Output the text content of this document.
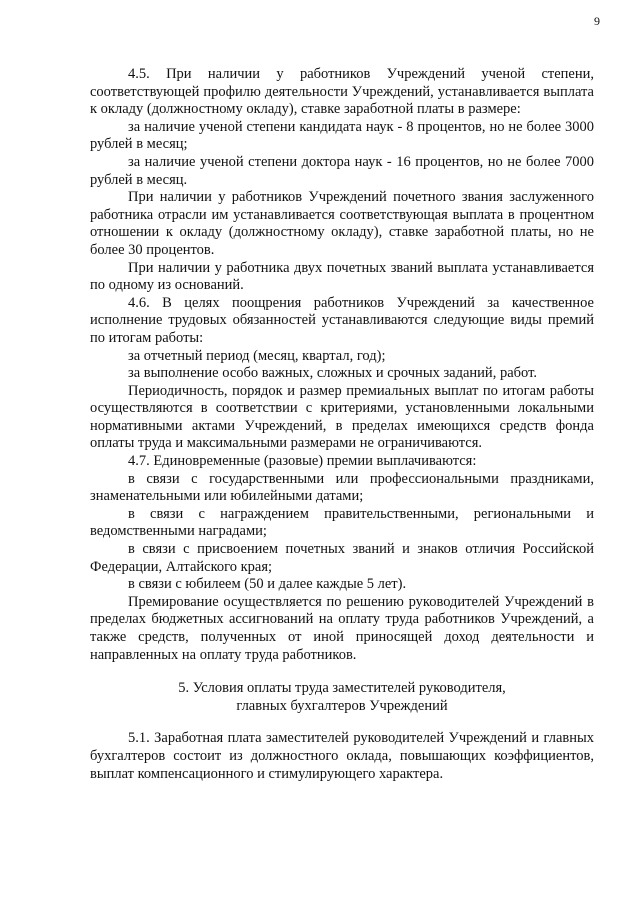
9

4.5. При наличии у работников Учреждений ученой степени, соответствующей профилю деятельности Учреждений, устанавливается выплата к окладу (должностному окладу), ставке заработной платы в размере:

за наличие ученой степени кандидата наук - 8 процентов, но не более 3000 рублей в месяц;

за наличие ученой степени доктора наук - 16 процентов, но не более 7000 рублей в месяц.

При наличии у работников Учреждений почетного звания заслуженного работника отрасли им устанавливается соответствующая выплата в процентном отношении к окладу (должностному окладу), ставке заработной платы, но не более 30 процентов.

При наличии у работника двух почетных званий выплата устанавливается по одному из оснований.

4.6. В целях поощрения работников Учреждений за качественное исполнение трудовых обязанностей устанавливаются следующие виды премий по итогам работы:

за отчетный период (месяц, квартал, год);

за выполнение особо важных, сложных и срочных заданий, работ.

Периодичность, порядок и размер премиальных выплат по итогам работы осуществляются в соответствии с критериями, установленными локальными нормативными актами Учреждений, в пределах имеющихся средств фонда оплаты труда и максимальными размерами не ограничиваются.

4.7. Единовременные (разовые) премии выплачиваются:

в связи с государственными или профессиональными праздниками, знаменательными или юбилейными датами;

в связи с награждением правительственными, региональными и ведомственными наградами;

в связи с присвоением почетных званий и знаков отличия Российской Федерации, Алтайского края;

в связи с юбилеем (50 и далее каждые 5 лет).

Премирование осуществляется по решению руководителей Учреждений в пределах бюджетных ассигнований на оплату труда работников Учреждений, а также средств, полученных от иной приносящей доход деятельности и направленных на оплату труда работников.

5. Условия оплаты труда заместителей руководителя,
главных бухгалтеров Учреждений

5.1. Заработная плата заместителей руководителей Учреждений и главных бухгалтеров состоит из должностного оклада, повышающих коэффициентов, выплат компенсационного и стимулирующего характера.
